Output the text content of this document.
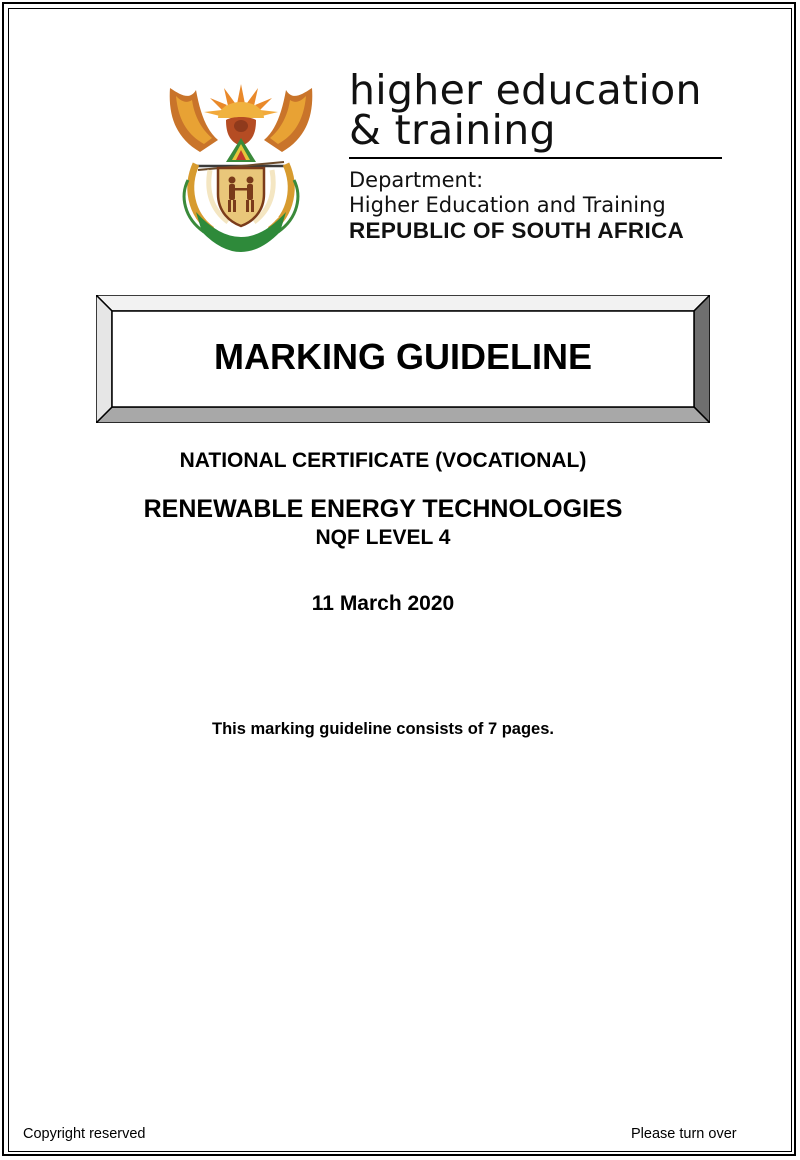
KE E: /XARRA //KE
higher education
& training
Department:
Higher Education and Training
REPUBLIC OF SOUTH AFRICA
MARKING GUIDELINE
NATIONAL CERTIFICATE (VOCATIONAL)
RENEWABLE ENERGY TECHNOLOGIES
NQF LEVEL 4
11 March 2020
This marking guideline consists of 7 pages.
Copyright reserved	Please turn over
